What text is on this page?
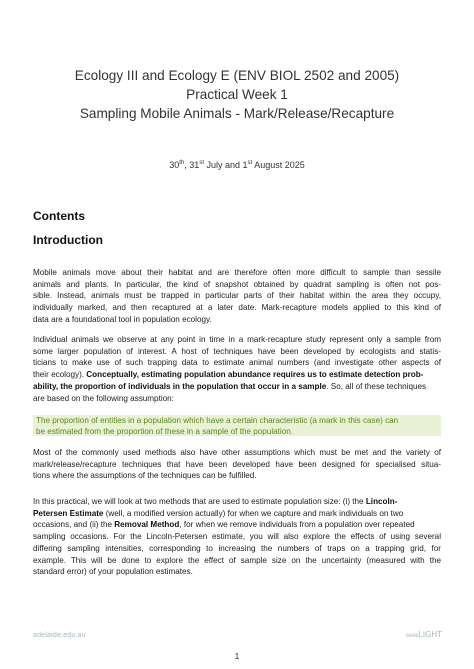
Ecology III and Ecology E (ENV BIOL 2502 and 2005)

Practical Week 1

Sampling Mobile Animals - Mark/Release/Recapture

30th, 31st July and 1st August 2025
Contents
Introduction
Mobile animals move about their habitat and are therefore often more difficult to sample than sessile
animals and plants. In particular, the kind of snapshot obtained by quadrat sampling is often not pos-
sible. Instead, animals must be trapped in particular parts of their habitat within the area they occupy,
individually marked, and then recaptured at a later date. Mark-recapture models applied to this kind of
data are a foundational tool in population ecology.
Individual animals we observe at any point in time in a mark-recapture study represent only a sample from
some larger population of interest. A host of techniques have been developed by ecologists and statis-
ticians to make use of such trapping data to estimate animal numbers (and investigate other aspects of
their ecology). Conceptually, estimating population abundance requires us to estimate detection prob-
ability, the proportion of individuals in the population that occur in a sample. So, all of these techniques
are based on the following assumption:
The proportion of entities in a population which have a certain characteristic (a mark in this case) can
be estimated from the proportion of these in a sample of the population.
Most of the commonly used methods also have other assumptions which must be met and the variety of
mark/release/recapture techniques that have been developed have been designed for specialised situa-
tions where the assumptions of the techniques can be fulfilled.
In this practical, we will look at two methods that are used to estimate population size: (i) the Lincoln-
Petersen Estimate (well, a modified version actually) for when we capture and mark individuals on two
occasions, and (ii) the Removal Method, for when we remove individuals from a population over repeated
sampling occasions. For the Lincoln-Petersen estimate, you will also explore the effects of using several
differing sampling intensities, corresponding to increasing the numbers of traps on a trapping grid, for
example. This will be done to explore the effect of sample size on the uncertainty (measured with the
standard error) of your population estimates.
adelaide.edu.au	seekLIGHT
1
